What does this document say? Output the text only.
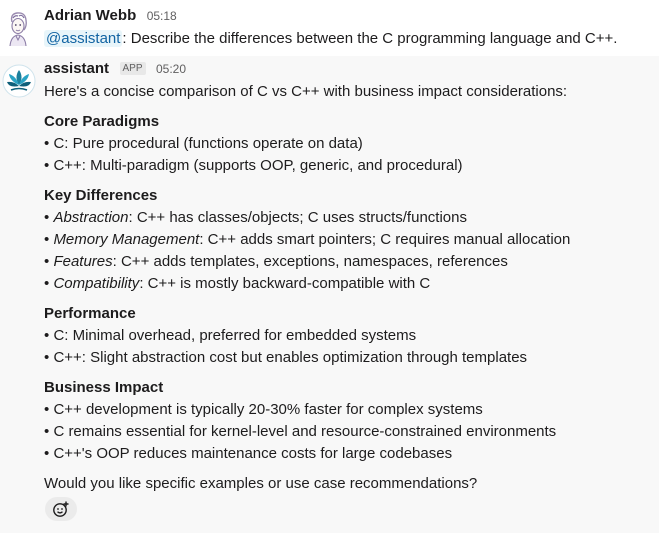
Adrian Webb 05:18
@assistant : Describe the differences between the C programming language and C++.
assistant APP 05:20
Here's a concise comparison of C vs C++ with business impact considerations:
Core Paradigms
• C: Pure procedural (functions operate on data)
• C++: Multi-paradigm (supports OOP, generic, and procedural)
Key Differences
• Abstraction: C++ has classes/objects; C uses structs/functions
• Memory Management: C++ adds smart pointers; C requires manual allocation
• Features: C++ adds templates, exceptions, namespaces, references
• Compatibility: C++ is mostly backward-compatible with C
Performance
• C: Minimal overhead, preferred for embedded systems
• C++: Slight abstraction cost but enables optimization through templates
Business Impact
• C++ development is typically 20-30% faster for complex systems
• C remains essential for kernel-level and resource-constrained environments
• C++'s OOP reduces maintenance costs for large codebases
Would you like specific examples or use case recommendations?
